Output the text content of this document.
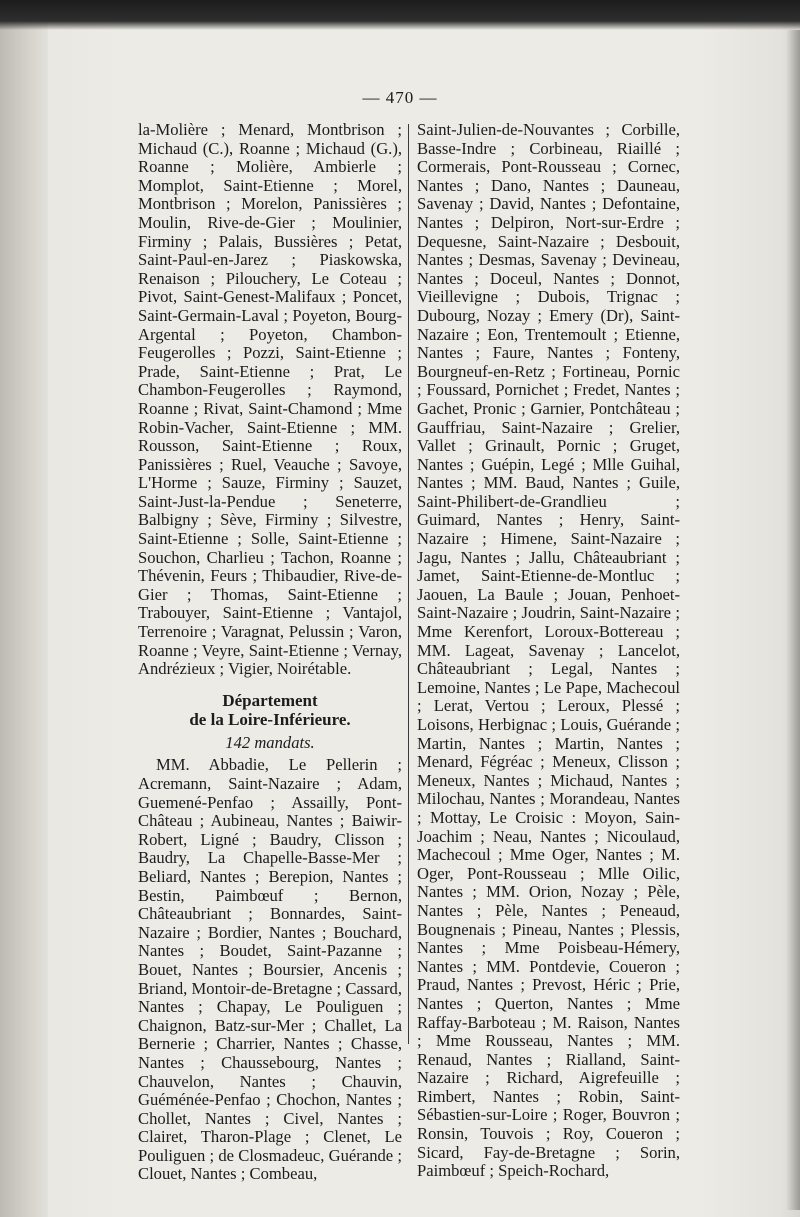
— 470 —

la-Molière ; Menard, Montbrison ; Michaud (C.), Roanne ; Michaud (G.), Roanne ; Molière, Ambierle ; Momplot, Saint-Etienne ; Morel, Montbrison ; Morelon, Panissières ; Moulin, Rive-de-Gier ; Moulinier, Firminy ; Palais, Bussières ; Petat, Saint-Paul-en-Jarez ; Piaskowska, Renaison ; Pilouchery, Le Coteau ; Pivot, Saint-Genest-Malifaux ; Poncet, Saint-Germain-Laval ; Poyeton, Bourg-Argental ; Poyeton, Chambon-Feugerolles ; Pozzi, Saint-Etienne ; Prade, Saint-Etienne ; Prat, Le Chambon-Feugerolles ; Raymond, Roanne ; Rivat, Saint-Chamond ; Mme Robin-Vacher, Saint-Etienne ; MM. Rousson, Saint-Etienne ; Roux, Panissières ; Ruel, Veauche ; Savoye, L'Horme ; Sauze, Firminy ; Sauzet, Saint-Just-la-Pendue ; Seneterre, Balbigny ; Sève, Firminy ; Silvestre, Saint-Etienne ; Solle, Saint-Etienne ; Souchon, Charlieu ; Tachon, Roanne ; Thévenin, Feurs ; Thibaudier, Rive-de-Gier ; Thomas, Saint-Etienne ; Trabouyer, Saint-Etienne ; Vantajol, Terrenoire ; Varagnat, Pelussin ; Varon, Roanne ; Veyre, Saint-Etienne ; Vernay, Andrézieux ; Vigier, Noirétable.

Département
de la Loire-Inférieure.

142 mandats.

MM. Abbadie, Le Pellerin ; Acremann, Saint-Nazaire ; Adam, Guemené-Penfao ; Assailly, Pont-Château ; Aubineau, Nantes ; Baiwir-Robert, Ligné ; Baudry, Clisson ; Baudry, La Chapelle-Basse-Mer ; Beliard, Nantes ; Berepion, Nantes ; Bestin, Paimbœuf ; Bernon, Châteaubriant ; Bonnardes, Saint-Nazaire ; Bordier, Nantes ; Bouchard, Nantes ; Boudet, Saint-Pazanne ; Bouet, Nantes ; Boursier, Ancenis ; Briand, Montoir-de-Bretagne ; Cassard, Nantes ; Chapay, Le Pouliguen ; Chaignon, Batz-sur-Mer ; Challet, La Bernerie ; Charrier, Nantes ; Chasse, Nantes ; Chaussebourg, Nantes ; Chauvelon, Nantes ; Chauvin, Guéménée-Penfao ; Chochon, Nantes ; Chollet, Nantes ; Civel, Nantes ; Clairet, Tharon-Plage ; Clenet, Le Pouliguen ; de Closmadeuc, Guérande ; Clouet, Nantes ; Combeau,

Saint-Julien-de-Nouvantes ; Corbille, Basse-Indre ; Corbineau, Riaillé ; Cormerais, Pont-Rousseau ; Cornec, Nantes ; Dano, Nantes ; Dauneau, Savenay ; David, Nantes ; Defontaine, Nantes ; Delpiron, Nort-sur-Erdre ; Dequesne, Saint-Nazaire ; Desbouit, Nantes ; Desmas, Savenay ; Devineau, Nantes ; Doceul, Nantes ; Donnot, Vieillevigne ; Dubois, Trignac ; Dubourg, Nozay ; Emery (Dr), Saint-Nazaire ; Eon, Trentemoult ; Etienne, Nantes ; Faure, Nantes ; Fonteny, Bourgneuf-en-Retz ; Fortineau, Pornic ; Foussard, Pornichet ; Fredet, Nantes ; Gachet, Pronic ; Garnier, Pontchâteau ; Gauffriau, Saint-Nazaire ; Grelier, Vallet ; Grinault, Pornic ; Gruget, Nantes ; Guépin, Legé ; Mlle Guihal, Nantes ; MM. Baud, Nantes ; Guile, Saint-Philibert-de-Grandlieu ; Guimard, Nantes ; Henry, Saint-Nazaire ; Himene, Saint-Nazaire ; Jagu, Nantes ; Jallu, Châteaubriant ; Jamet, Saint-Etienne-de-Montluc ; Jaouen, La Baule ; Jouan, Penhoet-Saint-Nazaire ; Joudrin, Saint-Nazaire ; Mme Kerenfort, Loroux-Bottereau ; MM. Lageat, Savenay ; Lancelot, Châteaubriant ; Legal, Nantes ; Lemoine, Nantes ; Le Pape, Machecoul ; Lerat, Vertou ; Leroux, Plessé ; Loisons, Herbignac ; Louis, Guérande ; Martin, Nantes ; Martin, Nantes ; Menard, Fégréac ; Meneux, Clisson ; Meneux, Nantes ; Michaud, Nantes ; Milochau, Nantes ; Morandeau, Nantes ; Mottay, Le Croisic : Moyon, Sain-Joachim ; Neau, Nantes ; Nicoulaud, Machecoul ; Mme Oger, Nantes ; M. Oger, Pont-Rousseau ; Mlle Oilic, Nantes ; MM. Orion, Nozay ; Pèle, Nantes ; Pèle, Nantes ; Peneaud, Bougnenais ; Pineau, Nantes ; Plessis, Nantes ; Mme Poisbeau-Hémery, Nantes ; MM. Pontdevie, Coueron ; Praud, Nantes ; Prevost, Héric ; Prie, Nantes ; Querton, Nantes ; Mme Raffay-Barboteau ; M. Raison, Nantes ; Mme Rousseau, Nantes ; MM. Renaud, Nantes ; Rialland, Saint-Nazaire ; Richard, Aigrefeuille ; Rimbert, Nantes ; Robin, Saint-Sébastien-sur-Loire ; Roger, Bouvron ; Ronsin, Touvois ; Roy, Coueron ; Sicard, Fay-de-Bretagne ; Sorin, Paimbœuf ; Speich-Rochard,
